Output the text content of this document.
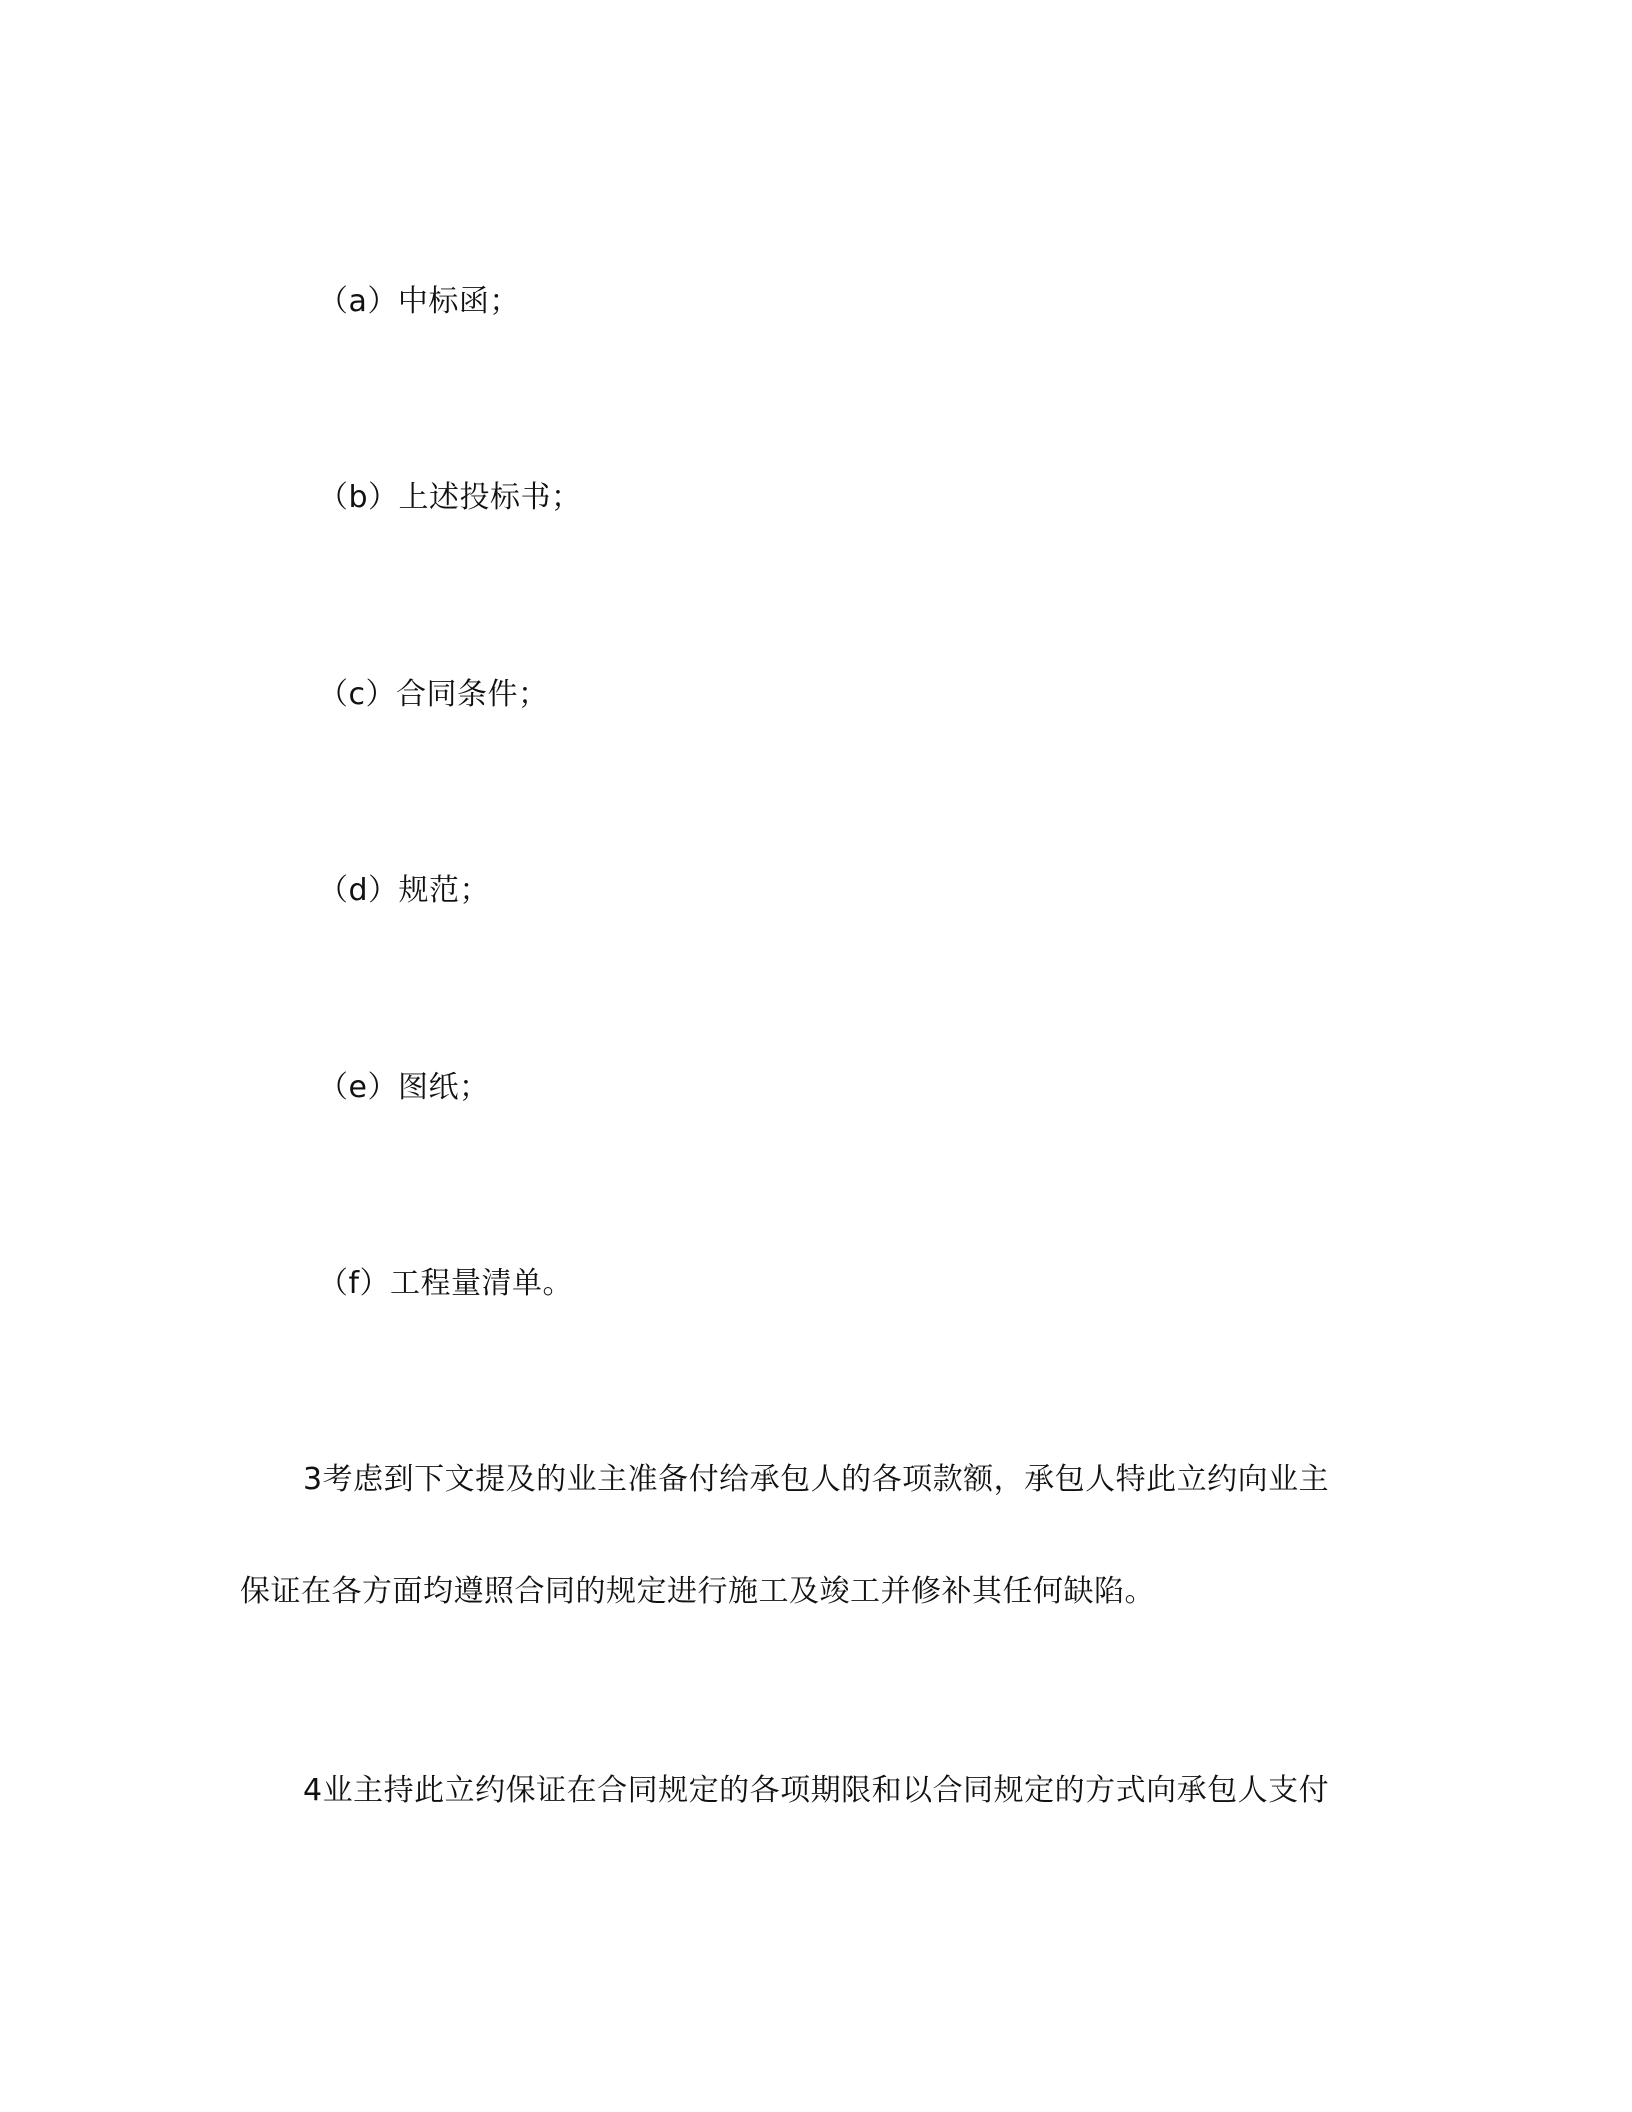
（a）中标函；

（b）上述投标书；

（c）合同条件；

（d）规范；

（e）图纸；

（f）工程量清单。

3考虑到下文提及的业主准备付给承包人的各项款额，承包人特此立约向业主

保证在各方面均遵照合同的规定进行施工及竣工并修补其任何缺陷。

4业主持此立约保证在合同规定的各项期限和以合同规定的方式向承包人支付
